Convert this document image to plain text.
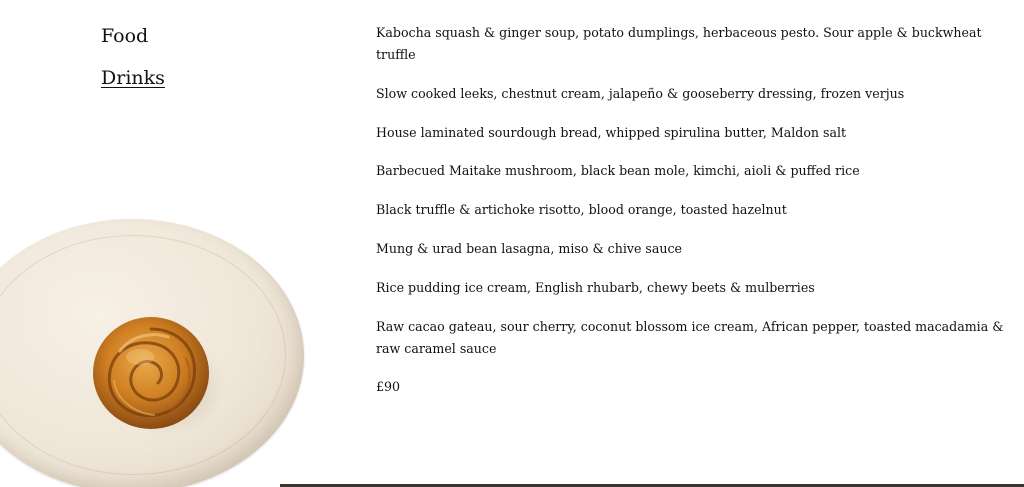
Food
Drinks
Kabocha squash & ginger soup, potato dumplings, herbaceous pesto. Sour apple & buckwheat truffle
Slow cooked leeks, chestnut cream, jalapeño & gooseberry dressing, frozen verjus
House laminated sourdough bread, whipped spirulina butter, Maldon salt
Barbecued Maitake mushroom, black bean mole, kimchi, aioli & puffed rice
Black truffle & artichoke risotto, blood orange, toasted hazelnut
Mung & urad bean lasagna, miso & chive sauce
Rice pudding ice cream, English rhubarb, chewy beets & mulberries
Raw cacao gateau, sour cherry, coconut blossom ice cream, African pepper, toasted macadamia & raw caramel sauce
£90
